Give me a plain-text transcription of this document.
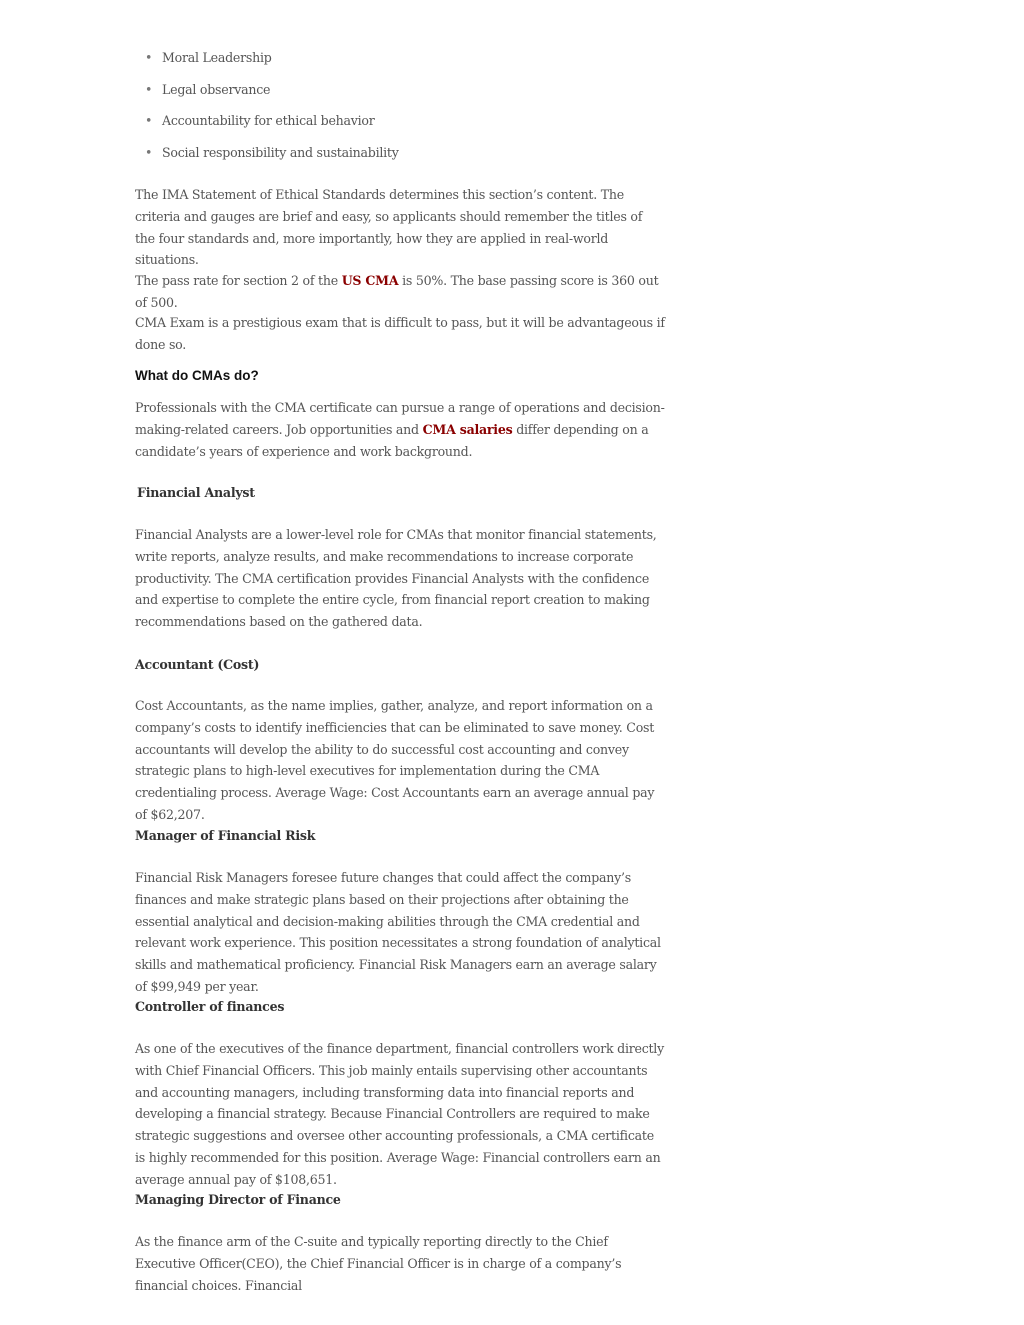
• Moral Leadership
• Legal observance
• Accountability for ethical behavior
• Social responsibility and sustainability

The IMA Statement of Ethical Standards determines this section’s content. The criteria and gauges are brief and easy, so applicants should remember the titles of the four standards and, more importantly, how they are applied in real-world situations.

The pass rate for section 2 of the US CMA is 50%. The base passing score is 360 out of 500.

CMA Exam is a prestigious exam that is difficult to pass, but it will be advantageous if done so.

What do CMAs do?

Professionals with the CMA certificate can pursue a range of operations and decision-making-related careers. Job opportunities and CMA salaries differ depending on a candidate’s years of experience and work background.

Financial Analyst

Financial Analysts are a lower-level role for CMAs that monitor financial statements, write reports, analyze results, and make recommendations to increase corporate productivity. The CMA certification provides Financial Analysts with the confidence and expertise to complete the entire cycle, from financial report creation to making recommendations based on the gathered data.

Accountant (Cost)

Cost Accountants, as the name implies, gather, analyze, and report information on a company’s costs to identify inefficiencies that can be eliminated to save money. Cost accountants will develop the ability to do successful cost accounting and convey strategic plans to high-level executives for implementation during the CMA credentialing process. Average Wage: Cost Accountants earn an average annual pay of $62,207.

Manager of Financial Risk

Financial Risk Managers foresee future changes that could affect the company’s finances and make strategic plans based on their projections after obtaining the essential analytical and decision-making abilities through the CMA credential and relevant work experience. This position necessitates a strong foundation of analytical skills and mathematical proficiency. Financial Risk Managers earn an average salary of $99,949 per year.

Controller of finances

As one of the executives of the finance department, financial controllers work directly with Chief Financial Officers. This job mainly entails supervising other accountants and accounting managers, including transforming data into financial reports and developing a financial strategy. Because Financial Controllers are required to make strategic suggestions and oversee other accounting professionals, a CMA certificate is highly recommended for this position. Average Wage: Financial controllers earn an average annual pay of $108,651.

Managing Director of Finance

As the finance arm of the C-suite and typically reporting directly to the Chief Executive Officer(CEO), the Chief Financial Officer is in charge of a company’s financial choices. Financial
